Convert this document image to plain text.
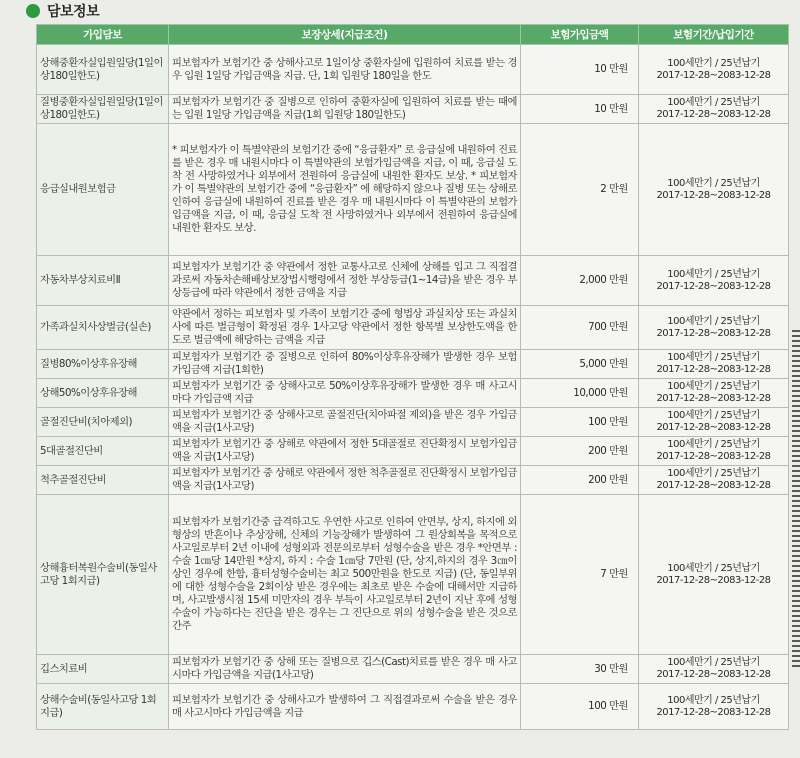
담보정보
가입담보	보장상세(지급조건)	보험가입금액	보험기간/납입기간
상해중환자실입원일당(1일이상180일한도)	피보험자가 보험기간 중 상해사고로 1일이상 중환자실에 입원하여 치료를 받는 경우 입원 1일당 가입금액을 지급. 단, 1회 입원당 180일을 한도	10 만원	100세만기 / 25년납기
2017-12-28~2083-12-28

질병중환자실입원일당(1일이상180일한도)	피보험자가 보험기간 중 질병으로 인하여 중환자실에 입원하여 치료를 받는 때에는 입원 1일당 가입금액을 지급(1회 입원당 180일한도)	10 만원	100세만기 / 25년납기
2017-12-28~2083-12-28

응급실내원보험금	* 피보험자가 이 특별약관의 보험기간 중에 “응급환자” 로 응급실에 내원하여 진료를 받은 경우 매 내원시마다 이 특별약관의 보험가입금액을 지급, 이 때, 응급실 도착 전 사망하였거나 외부에서 전원하여 응급실에 내원한 환자도 보상. * 피보험자가 이 특별약관의 보험기간 중에 “응급환자” 에 해당하지 않으나 질병 또는 상해로 인하여 응급실에 내원하여 진료를 받은 경우 매 내원시마다 이 특별약관의 보험가입금액을 지급, 이 때, 응급실 도착 전 사망하였거나 외부에서 전원하여 응급실에 내원한 환자도 보상.	2 만원	100세만기 / 25년납기
2017-12-28~2083-12-28

자동차부상치료비Ⅱ	피보험자가 보험기간 중 약관에서 정한 교통사고로 신체에 상해를 입고 그 직접결과로써 자동차손해배상보장법시행령에서 정한 부상등급(1~14급)을 받은 경우 부상등급에 따라 약관에서 정한 금액을 지급	2,000 만원	100세만기 / 25년납기
2017-12-28~2083-12-28

가족과실치사상벌금(실손)	약관에서 정하는 피보험자 및 가족이 보험기간 중에 형법상 과실치상 또는 과실치사에 따른 벌금형이 확정된 경우 1사고당 약관에서 정한 항목별 보상한도액을 한도로 벌금액에 해당하는 금액을 지급	700 만원	100세만기 / 25년납기
2017-12-28~2083-12-28

질병80%이상후유장해	피보험자가 보험기간 중 질병으로 인하여 80%이상후유장해가 발생한 경우 보험가입금액 지급(1회한)	5,000 만원	100세만기 / 25년납기
2017-12-28~2083-12-28

상해50%이상후유장해	피보험자가 보험기간 중 상해사고로 50%이상후유장해가 발생한 경우 매 사고시마다 가입금액 지급	10,000 만원	100세만기 / 25년납기
2017-12-28~2083-12-28

골절진단비(치아제외)	피보험자가 보험기간 중 상해사고로 골절진단(치아파절 제외)을 받은 경우 가입금액을 지급(1사고당)	100 만원	100세만기 / 25년납기
2017-12-28~2083-12-28

5대골절진단비	피보험자가 보험기간 중 상해로 약관에서 정한 5대골절로 진단확정시 보험가입금액을 지급(1사고당)	200 만원	100세만기 / 25년납기
2017-12-28~2083-12-28

척추골절진단비	피보험자가 보험기간 중 상해로 약관에서 정한 척추골절로 진단확정시 보험가입금액을 지급(1사고당)	200 만원	100세만기 / 25년납기
2017-12-28~2083-12-28

상해흉터복원수술비(동일사고당 1회지급)	피보험자가 보험기간중 급격하고도 우연한 사고로 인하여 안면부, 상지, 하지에 외형상의 반흔이나 추상장해, 신체의 기능장해가 발생하여 그 원상회복을 목적으로 사고일로부터 2년 이내에 성형외과 전문의로부터 성형수술을 받은 경우 *안면부 : 수술 1㎝당 14만원 *상지, 하지 : 수술 1㎝당 7만원 (단, 상지,하지의 경우 3㎝이상인 경우에 한함, 흉터성형수술비는 최고 500만원을 한도로 지급) (단, 동일부위에 대한 성형수술을 2회이상 받은 경우에는 최초로 받은 수술에 대해서만 지급하며, 사고발생시점 15세 미만자의 경우 부득이 사고일로부터 2년이 지난 후에 성형 수술이 가능하다는 진단을 받은 경우는 그 진단으로 위의 성형수술을 받은 것으로 간주	7 만원	100세만기 / 25년납기
2017-12-28~2083-12-28

깁스치료비	피보험자가 보험기간 중 상해 또는 질병으로 깁스(Cast)치료를 받은 경우 매 사고시마다 가입금액을 지급(1사고당)	30 만원	100세만기 / 25년납기
2017-12-28~2083-12-28

상해수술비(동일사고당 1회지급)	피보험자가 보험기간 중 상해사고가 발생하여 그 직접결과로써 수술을 받은 경우 매 사고시마다 가입금액을 지급	100 만원	100세만기 / 25년납기
2017-12-28~2083-12-28
